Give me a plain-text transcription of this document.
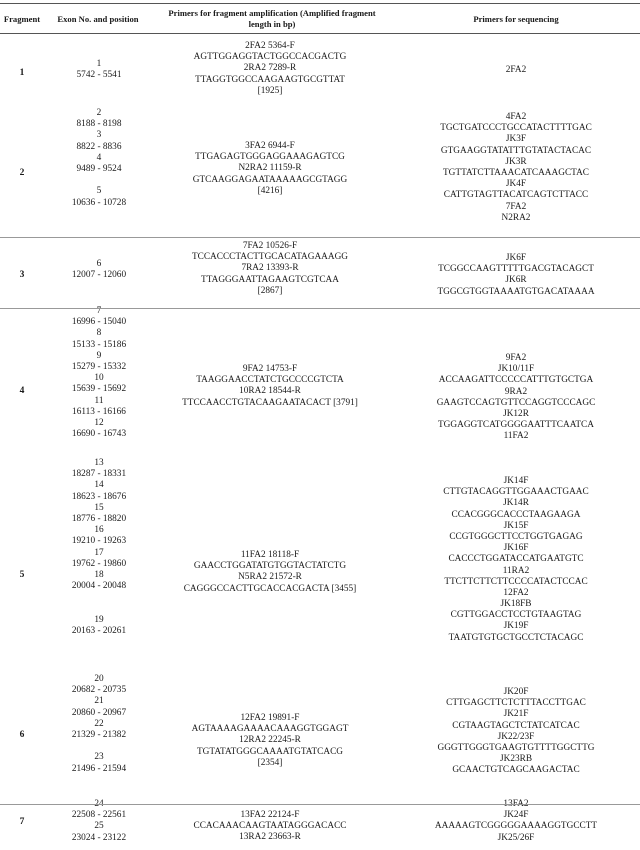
Fragment	Exon No. and position
Primers for fragment amplification (Amplified fragment length in bp)	Primers for sequencing
1
1
5742 - 5541
2FA2 5364-F
AGTTGGAGGTACTGGCCACGACTG
2RA2 7289-R
TTAGGTGGCCAAGAAGTGCGTTAT
[1925]
2FA2
2
2
8188 - 8198
3
8822 - 8836
4
9489 - 9524
5
10636 - 10728
3FA2 6944-F
TTGAGAGTGGGAGGAAAGAGTCG
N2RA2 11159-R
GTCAAGGAGAATAAAAAGCGTAGG
[4216]
4FA2
TGCTGATCCCTGCCATACTTTTGAC
JK3F
GTGAAGGTATATTTGTATACTACAC
JK3R
TGTTATCTTAAACATCAAAGCTAC
JK4F
CATTGTAGTTACATCAGTCTTACC
7FA2
N2RA2
3
6
12007 - 12060
7FA2 10526-F
TCCACCCTACTTGCACATAGAAAGG
7RA2 13393-R
TTAGGGAATTAGAAGTCGTCAA
[2867]
JK6F
TCGGCCAAGTTTTTGACGTACAGCT
JK6R
TGGCGTGGTAAAATGTGACATAAAA
4
7
16996 - 15040
8
15133 - 15186
9
15279 - 15332
10
15639 - 15692
11
16113 - 16166
12
16690 - 16743
9FA2 14753-F
TAAGGAACCTATCTGCCCCGTCTA
10RA2 18544-R
TTCCAACCTGTACAAGAATACACT [3791]
9FA2
JK10/11F
ACCAAGATTCCCCCATTTGTGCTGA
9RA2
GAAGTCCAGTGTTCCAGGTCCCAGC
JK12R
TGGAGGTCATGGGGAATTTCAATCA
11FA2
5
13
18287 - 18331
14
18623 - 18676
15
18776 - 18820
16
19210 - 19263
17
19762 - 19860
18
20004 - 20048
19
20163 - 20261
11FA2 18118-F
GAACCTGGATATGTGGTACTATCTG
N5RA2 21572-R
CAGGGCCACTTGCACCACGACTA [3455]
JK14F
CTTGTACAGGTTGGAAACTGAAC
JK14R
CCACGGGCACCCTAAGAAGA
JK15F
CCGTGGGCTTCCTGGTGAGAG
JK16F
CACCCTGGATACCATGAATGTC
11RA2
TTCTTCTTCTTCCCCATACTCCAC
12FA2
JK18FB
CGTTGGACCTCCTGTAAGTAG
JK19F
TAATGTGTGCTGCCTCTACAGC
6
20
20682 - 20735
21
20860 - 20967
22
21329 - 21382
23
21496 - 21594
12FA2 19891-F
AGTAAAAGAAAACAAAGGTGGAGT
12RA2 22245-R
TGTATATGGGCAAAATGTATCACG
[2354]
JK20F
CTTGAGCTTCTCTTTACCTTGAC
JK21F
CGTAAGTAGCTCTATCATCAC
JK22/23F
GGGTTGGGTGAAGTGTTTTGGCTTG
JK23RB
GCAACTGTCAGCAAGACTAC
7
24
22508 - 22561
25
23024 - 23122
13FA2 22124-F
CCACAAACAAGTAATAGGGACACC
13RA2 23663-R
13FA2
JK24F
AAAAAGTCGGGGGAAAAGGTGCCTT
JK25/26F
